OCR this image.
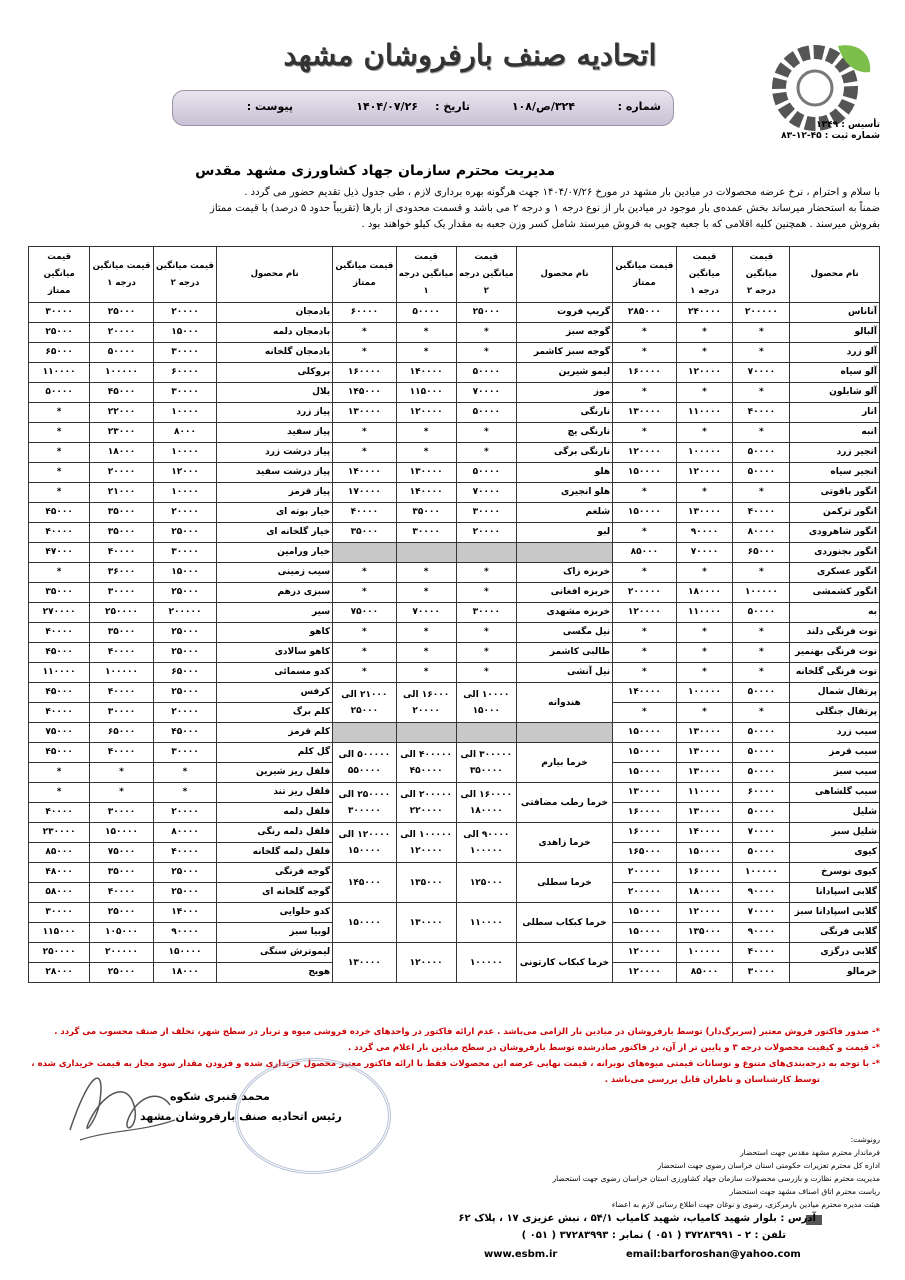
اتحادیه صنف بارفروشان مشهد
تأسیس : ۱۳۴۹
شماره ثبت : ۴۵-۱۲-۸۳
شماره :
۳۲۴/ص/۱۰۸
تاریخ :
۱۴۰۴/۰۷/۲۶
پیوست :
مدیریت محترم سازمان جهاد کشاورزی مشهد مقدس
با سلام و احترام ، نرخ عرضه محصولات در میادین بار مشهد در مورخ ۱۴۰۴/۰۷/۲۶ جهت هرگونه بهره برداری لازم ، طی جدول ذیل تقدیم حضور می گردد .
ضمناً به استحضار میرساند بخش عمده‌ی بار موجود در میادین بار از نوع درجه ۱ و درجه ۲ می باشد و قسمت محدودی از بارها (تقریباً حدود ۵ درصد) با قیمت ممتاز
بفروش میرسند . همچنین کلیه اقلامی که با جعبه چوبی به فروش میرسند شامل کسر وزن جعبه به مقدار یک کیلو خواهند بود .
نام محصول	قیمت میانگین درجه ۲	قیمت میانگین درجه ۱	قیمت میانگین ممتاز	نام محصول	قیمت میانگین درجه ۲	قیمت میانگین درجه ۱	قیمت میانگین ممتاز	نام محصول	قیمت میانگین درجه ۲	قیمت میانگین درجه ۱	قیمت میانگین ممتاز
آناناس	۲۰۰۰۰۰	۲۴۰۰۰۰	۲۸۵۰۰۰	گریپ فروت	۲۵۰۰۰	۵۰۰۰۰	۶۰۰۰۰	بادمجان	۲۰۰۰۰	۲۵۰۰۰	۳۰۰۰۰
آلبالو	*	*	*	گوجه سبز	*	*	*	بادمجان دلمه	۱۵۰۰۰	۲۰۰۰۰	۲۵۰۰۰
آلو زرد	*	*	*	گوجه سبز کاشمر	*	*	*	بادمجان گلخانه	۳۰۰۰۰	۵۰۰۰۰	۶۵۰۰۰
آلو سیاه	۷۰۰۰۰	۱۲۰۰۰۰	۱۶۰۰۰۰	لیمو شیرین	۵۰۰۰۰	۱۴۰۰۰۰	۱۶۰۰۰۰	بروکلی	۶۰۰۰۰	۱۰۰۰۰۰	۱۱۰۰۰۰
آلو شابلون	*	*	*	موز	۷۰۰۰۰	۱۱۵۰۰۰	۱۴۵۰۰۰	بلال	۳۰۰۰۰	۴۵۰۰۰	۵۰۰۰۰
انار	۴۰۰۰۰	۱۱۰۰۰۰	۱۳۰۰۰۰	نارنگی	۵۰۰۰۰	۱۲۰۰۰۰	۱۳۰۰۰۰	پیاز زرد	۱۰۰۰۰	۲۲۰۰۰	*
انبه	*	*	*	نارنگی یچ	*	*	*	پیاز سفید	۸۰۰۰	۲۳۰۰۰	*
انجیر زرد	۵۰۰۰۰	۱۰۰۰۰۰	۱۲۰۰۰۰	نارنگی برگی	*	*	*	پیاز درشت زرد	۱۰۰۰۰	۱۸۰۰۰	*
انجیر سیاه	۵۰۰۰۰	۱۲۰۰۰۰	۱۵۰۰۰۰	هلو	۵۰۰۰۰	۱۳۰۰۰۰	۱۴۰۰۰۰	پیاز درشت سفید	۱۲۰۰۰	۲۰۰۰۰	*
انگور باقوتی	*	*	*	هلو انجیری	۷۰۰۰۰	۱۴۰۰۰۰	۱۷۰۰۰۰	پیاز قرمز	۱۰۰۰۰	۲۱۰۰۰	*
انگور ترکمن	۴۰۰۰۰	۱۳۰۰۰۰	۱۵۰۰۰۰	شلغم	۳۰۰۰۰	۳۵۰۰۰	۴۰۰۰۰	خیار بوته ای	۲۰۰۰۰	۳۵۰۰۰	۴۵۰۰۰
انگور شاهرودی	۸۰۰۰۰	۹۰۰۰۰	*	لبو	۲۰۰۰۰	۳۰۰۰۰	۳۵۰۰۰	خیار گلخانه ای	۲۵۰۰۰	۳۵۰۰۰	۴۰۰۰۰
انگور بجنوردی	۶۵۰۰۰	۷۰۰۰۰	۸۵۰۰۰					خیار ورامین	۳۰۰۰۰	۴۰۰۰۰	۴۷۰۰۰
انگور عسکری	*	*	*	خربزه زاک	*	*	*	سیب زمینی	۱۵۰۰۰	۳۶۰۰۰	*
انگور کشمشی	۱۰۰۰۰۰	۱۸۰۰۰۰	۲۰۰۰۰۰	خربزه افغانی	*	*	*	سبزی درهم	۲۵۰۰۰	۳۰۰۰۰	۳۵۰۰۰
به	۵۰۰۰۰	۱۱۰۰۰۰	۱۲۰۰۰۰	خربزه مشهدی	۳۰۰۰۰	۷۰۰۰۰	۷۵۰۰۰	سیر	۲۰۰۰۰۰	۲۵۰۰۰۰	۲۷۰۰۰۰
توت فرنگی دلند	*	*	*	نیل مگسی	*	*	*	کاهو	۲۵۰۰۰	۳۵۰۰۰	۴۰۰۰۰
توت فرنگی بهنمیر	*	*	*	طالبی کاشمر	*	*	*	کاهو سالادی	۲۵۰۰۰	۴۰۰۰۰	۴۵۰۰۰
توت فرنگی گلخانه	*	*	*	نیل آنشی	*	*	*	کدو مسمائی	۶۵۰۰۰	۱۰۰۰۰۰	۱۱۰۰۰۰
پرتقال شمال	۵۰۰۰۰	۱۰۰۰۰۰	۱۴۰۰۰۰	هندوانه	۱۰۰۰۰ الی ۱۵۰۰۰	۱۶۰۰۰ الی ۲۰۰۰۰	۲۱۰۰۰ الی ۲۵۰۰۰	کرفس	۲۵۰۰۰	۴۰۰۰۰	۴۵۰۰۰
پرتقال جنگلی	*	*	*					کلم برگ	۲۰۰۰۰	۳۰۰۰۰	۴۰۰۰۰
سیب زرد	۵۰۰۰۰	۱۳۰۰۰۰	۱۵۰۰۰۰					کلم قرمز	۴۵۰۰۰	۶۵۰۰۰	۷۵۰۰۰
سیب قرمز	۵۰۰۰۰	۱۳۰۰۰۰	۱۵۰۰۰۰	خرما بیارم	۳۰۰۰۰۰ الی ۳۵۰۰۰۰	۴۰۰۰۰۰ الی ۴۵۰۰۰۰	۵۰۰۰۰۰ الی ۵۵۰۰۰۰	گل کلم	۳۰۰۰۰	۴۰۰۰۰	۴۵۰۰۰
سیب سبز	۵۰۰۰۰	۱۳۰۰۰۰	۱۵۰۰۰۰					فلفل ریز شیرین	*	*	*
سیب گلشاهی	۶۰۰۰۰	۱۱۰۰۰۰	۱۳۰۰۰۰	خرما رطب مضافتی	۱۶۰۰۰۰ الی ۱۸۰۰۰۰	۲۰۰۰۰۰ الی ۲۲۰۰۰۰	۲۵۰۰۰۰ الی ۳۰۰۰۰۰	فلفل ریز تند	*	*	*
شلیل	۵۰۰۰۰	۱۳۰۰۰۰	۱۶۰۰۰۰					فلفل دلمه	۲۰۰۰۰	۳۰۰۰۰	۴۰۰۰۰
شلیل سبز	۷۰۰۰۰	۱۴۰۰۰۰	۱۶۰۰۰۰	خرما زاهدی	۹۰۰۰۰ الی ۱۰۰۰۰۰	۱۰۰۰۰۰ الی ۱۲۰۰۰۰	۱۲۰۰۰۰ الی ۱۵۰۰۰۰	فلفل دلمه رنگی	۸۰۰۰۰	۱۵۰۰۰۰	۲۳۰۰۰۰
کیوی	۵۰۰۰۰	۱۵۰۰۰۰	۱۶۵۰۰۰					فلفل دلمه گلخانه	۴۰۰۰۰	۷۵۰۰۰	۸۵۰۰۰
کیوی نوسرخ	۱۰۰۰۰۰	۱۶۰۰۰۰	۲۰۰۰۰۰	خرما سطلی	۱۲۵۰۰۰	۱۳۵۰۰۰	۱۴۵۰۰۰	گوجه فرنگی	۲۵۰۰۰	۳۵۰۰۰	۴۸۰۰۰
گلابی اسپادانا	۹۰۰۰۰	۱۸۰۰۰۰	۲۰۰۰۰۰					گوجه گلخانه ای	۲۵۰۰۰	۴۰۰۰۰	۵۸۰۰۰
گلابی اسپادانا سبز	۷۰۰۰۰	۱۲۰۰۰۰	۱۵۰۰۰۰	خرما کبکاب سطلی	۱۱۰۰۰۰	۱۳۰۰۰۰	۱۵۰۰۰۰	کدو حلوایی	۱۴۰۰۰	۲۵۰۰۰	۳۰۰۰۰
گلابی فرنگی	۹۰۰۰۰	۱۳۵۰۰۰	۱۵۰۰۰۰					لوبیا سبز	۹۰۰۰۰	۱۰۵۰۰۰	۱۱۵۰۰۰
گلابی درگزی	۴۰۰۰۰	۱۰۰۰۰۰	۱۲۰۰۰۰	خرما کبکاب کارتونی	۱۰۰۰۰۰	۱۲۰۰۰۰	۱۳۰۰۰۰	لیموترش سنگی	۱۵۰۰۰۰	۲۰۰۰۰۰	۲۵۰۰۰۰
خرمالو	۳۰۰۰۰	۸۵۰۰۰	۱۲۰۰۰۰					هویج	۱۸۰۰۰	۲۵۰۰۰	۲۸۰۰۰
*- صدور فاکتور فروش معتبر (سربرگ‌دار) توسط بارفروشان در میادین بار الزامی می‌باشد . عدم ارائه فاکتور در واحدهای خرده فروشی میوه و تربار در سطح شهر، تخلف از صنف محسوب می گردد .
*- قیمت و کیفیت محصولات درجه ۳ و پایین تر از آن، در فاکتور صادرشده توسط بارفروشان در سطح میادین بار اعلام می گردد .
*- با توجه به درجه‌بندی‌های متنوع و نوسانات قیمتی میوه‌های نوبرانه ، قیمت نهایی عرضه این محصولات فقط با ارائه فاکتور معتبر محصول خریداری شده و فزودن مقدار سود مجاز به قیمت خریداری شده ،
توسط کارشناسان و ناظران قابل بررسی می‌باشد .
محمد قنبری شکوه
رئیس اتحادیه صنف بارفروشان مشهد
رونوشت:
فرماندار محترم مشهد مقدس جهت استحضار
اداره کل محترم تعزیرات حکومتی استان خراسان رضوی جهت استحضار
مدیریت محترم نظارت و بازرسی محصولات سازمان جهاد کشاورزی استان خراسان رضوی جهت استحضار
ریاست محترم اتاق اصناف مشهد جهت استحضار
هیئت مدیره محترم میادین بارمرکزی، رضوی و نوغان جهت اطلاع رسانی لازم به اعضاء
آدرس : بلوار شهید کامیاب، شهید کامیاب ۵۴/۱ ، نبش عزیزی ۱۷ ، پلاک ۶۲
تلفن : ۲ - ۳۷۲۸۳۹۹۱ ( ۰۵۱ ) نمابر : ۳۷۲۸۳۹۹۳ ( ۰۵۱ )
www.esbm.ir	email:barforoshan@yahoo.com
